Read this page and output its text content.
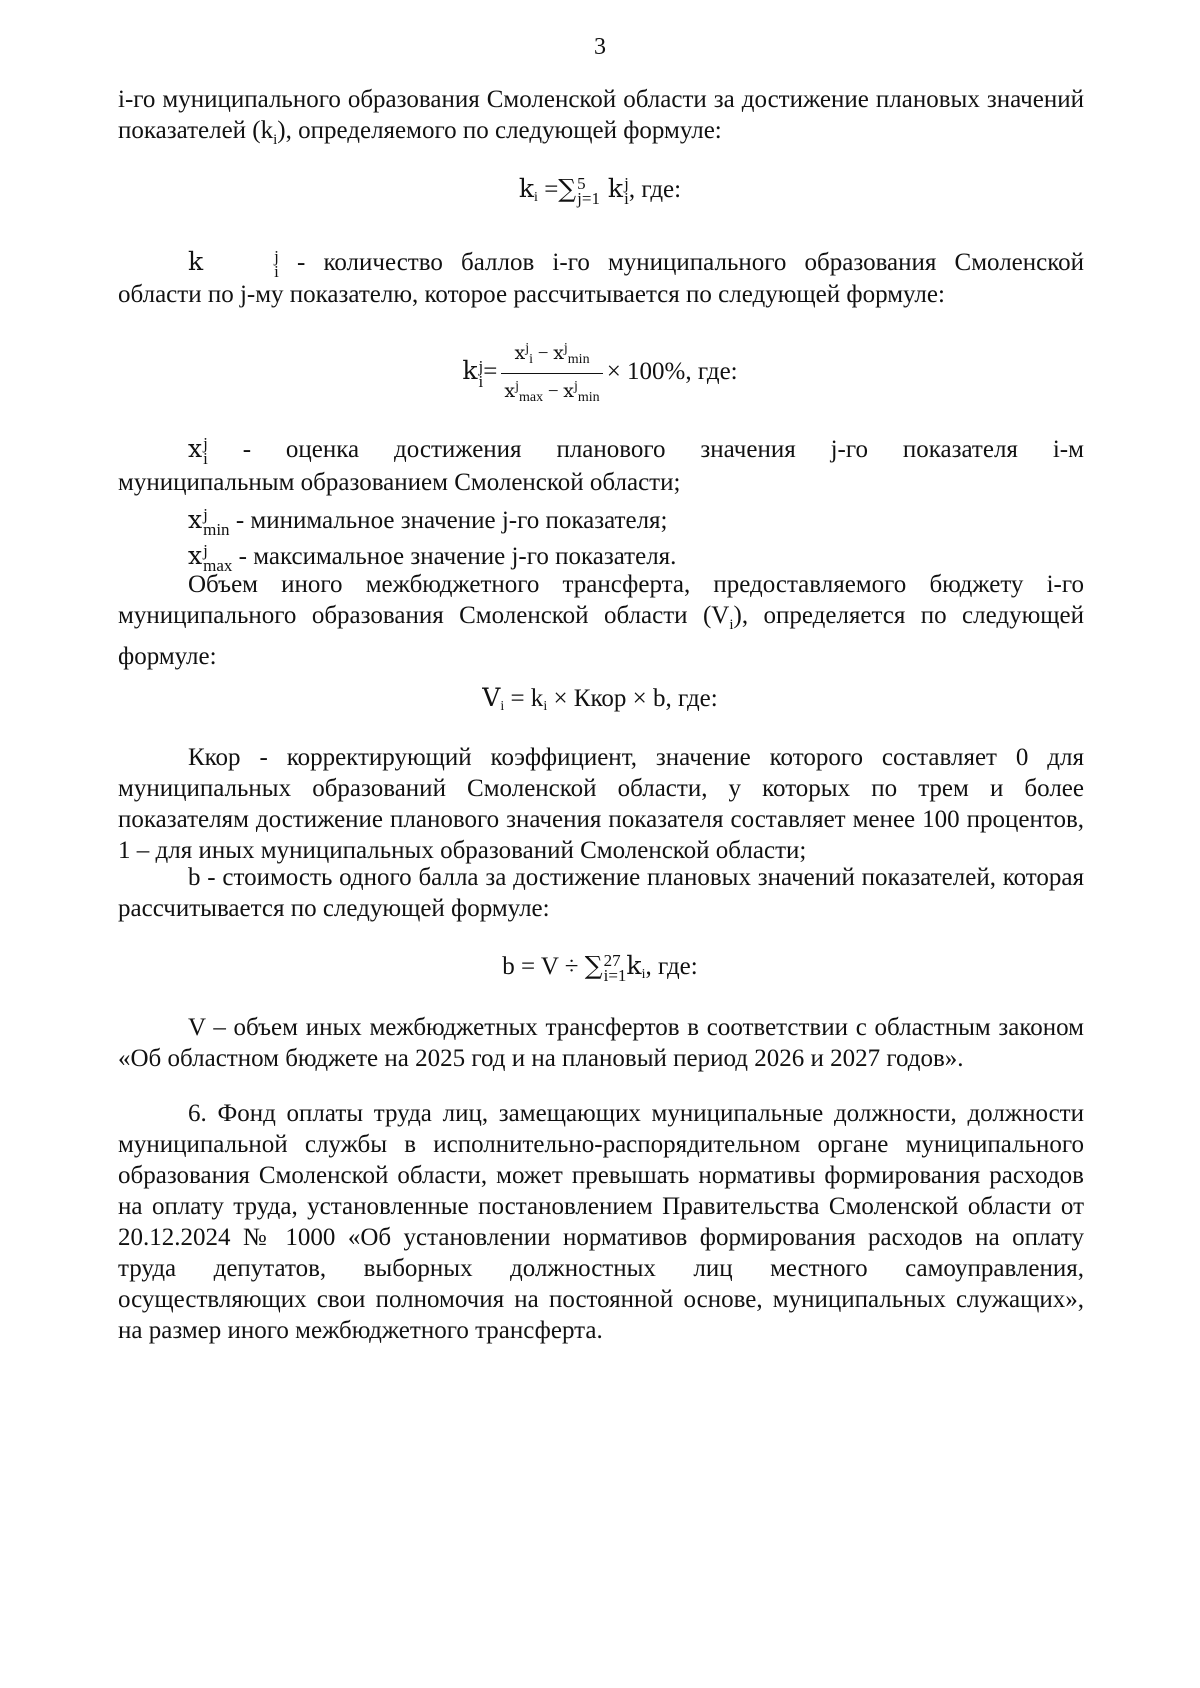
3
i-го муниципального образования Смоленской области за достижение плановых значений показателей $(k_i)$, определяемого по следующей формуле:
ki =∑ 5
j=1 k j
i , где:
k	j
i - количество баллов i-го муниципального образования Смоленской области по j-му показателю, которое рассчитывается по следующей формуле:
k j
$i = \frac{x^j_i - x^j_{min}}{x^j_{max} - x^j_{min}} \times 100\%$, где:
x j
i - оценка достижения планового значения j-го показателя i-м
муниципальным образованием Смоленской области;
x j
min - минимальное значение j-го показателя;
x j
max - максимальное значение j-го показателя.
Объем иного межбюджетного трансферта, предоставляемого бюджету i-го муниципального образования Смоленской области $(V_i)$, определяется по следующей формуле:
Vi = ki × Ккор × b, где:
Ккор - корректирующий коэффициент, значение которого составляет 0 для муниципальных образований Смоленской области, у которых по трем и более показателям достижение планового значения показателя составляет менее 100 процентов, 1 – для иных муниципальных образований Смоленской области;
b - стоимость одного балла за достижение плановых значений показателей, которая рассчитывается по следующей формуле:
b = V ÷ ∑ 27
i=1 ki, где:
V – объем иных межбюджетных трансфертов в соответствии с областным законом «Об областном бюджете на 2025 год и на плановый период 2026 и 2027 годов».
6. Фонд оплаты труда лиц, замещающих муниципальные должности, должности муниципальной службы в исполнительно-распорядительном органе муниципального образования Смоленской области, может превышать нормативы формирования расходов на оплату труда, установленные постановлением Правительства Смоленской области от 20.12.2024 № 1000 «Об установлении нормативов формирования расходов на оплату труда депутатов, выборных должностных лиц местного самоуправления, осуществляющих свои полномочия на постоянной основе, муниципальных служащих», на размер иного межбюджетного трансферта.
